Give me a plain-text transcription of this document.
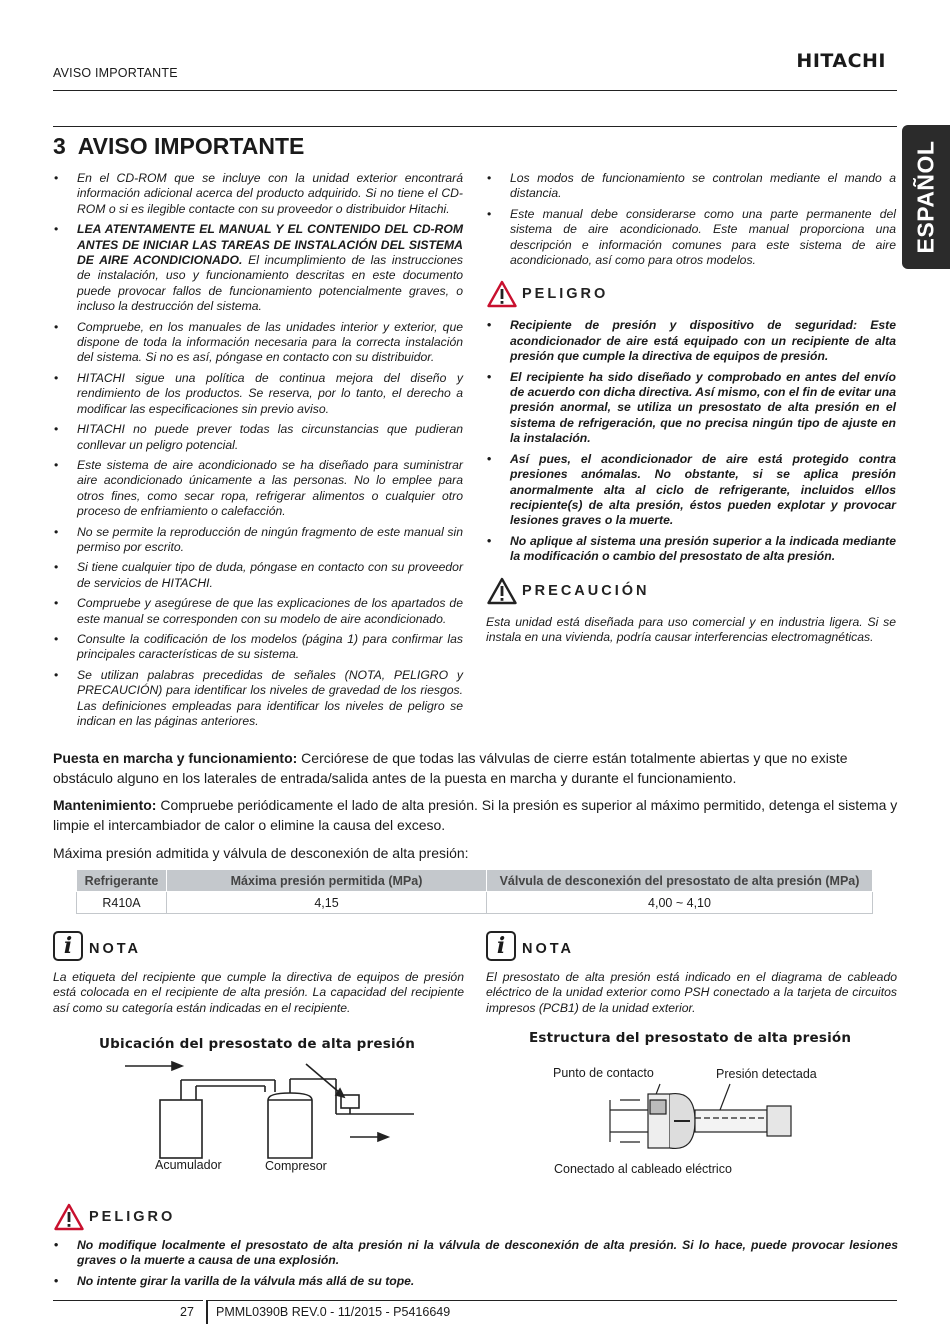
AVISO IMPORTANTE
HITACHI
ESPAÑOL
3 AVISO IMPORTANTE
• En el CD-ROM que se incluye con la unidad exterior encontrará información adicional acerca del producto adquirido. Si no tiene el CD-ROM o si es ilegible contacte con su proveedor o distribuidor Hitachi.
• LEA ATENTAMENTE EL MANUAL Y EL CONTENIDO DEL CD-ROM ANTES DE INICIAR LAS TAREAS DE INSTALACIÓN DEL SISTEMA DE AIRE ACONDICIONADO. El incumplimiento de las instrucciones de instalación, uso y funcionamiento descritas en este documento puede provocar fallos de funcionamiento potencialmente graves, o incluso la destrucción del sistema.
• Compruebe, en los manuales de las unidades interior y exterior, que dispone de toda la información necesaria para la correcta instalación del sistema. Si no es así, póngase en contacto con su distribuidor.
• HITACHI sigue una política de continua mejora del diseño y rendimiento de los productos. Se reserva, por lo tanto, el derecho a modificar las especificaciones sin previo aviso.
• HITACHI no puede prever todas las circunstancias que pudieran conllevar un peligro potencial.
• Este sistema de aire acondicionado se ha diseñado para suministrar aire acondicionado únicamente a las personas. No lo emplee para otros fines, como secar ropa, refrigerar alimentos o cualquier otro proceso de enfriamiento o calefacción.
• No se permite la reproducción de ningún fragmento de este manual sin permiso por escrito.
• Si tiene cualquier tipo de duda, póngase en contacto con su proveedor de servicios de HITACHI.
• Compruebe y asegúrese de que las explicaciones de los apartados de este manual se corresponden con su modelo de aire acondicionado.
• Consulte la codificación de los modelos (página 1) para confirmar las principales características de su sistema.
• Se utilizan palabras precedidas de señales (NOTA, PELIGRO y PRECAUCIÓN) para identificar los niveles de gravedad de los riesgos. Las definiciones empleadas para identificar los niveles de peligro se indican en las páginas anteriores.
• Los modos de funcionamiento se controlan mediante el mando a distancia.
• Este manual debe considerarse como una parte permanente del sistema de aire acondicionado. Este manual proporciona una descripción e información comunes para este sistema de aire acondicionado, así como para otros modelos.
PELIGRO
• Recipiente de presión y dispositivo de seguridad: Este acondicionador de aire está equipado con un recipiente de alta presión que cumple la directiva de equipos de presión.
• El recipiente ha sido diseñado y comprobado en antes del envío de acuerdo con dicha directiva. Así mismo, con el fin de evitar una presión anormal, se utiliza un presostato de alta presión en el sistema de refrigeración, que no precisa ningún tipo de ajuste en la instalación.
• Así pues, el acondicionador de aire está protegido contra presiones anómalas. No obstante, si se aplica presión anormalmente alta al ciclo de refrigerante, incluidos el/los recipiente(s) de alta presión, éstos pueden explotar y provocar lesiones graves o la muerte.
• No aplique al sistema una presión superior a la indicada mediante la modificación o cambio del presostato de alta presión.
PRECAUCIÓN
Esta unidad está diseñada para uso comercial y en industria ligera. Si se instala en una vivienda, podría causar interferencias electromagnéticas.
Puesta en marcha y funcionamiento: Cerciórese de que todas las válvulas de cierre están totalmente abiertas y que no existe obstáculo alguno en los laterales de entrada/salida antes de la puesta en marcha y durante el funcionamiento.
Mantenimiento: Compruebe periódicamente el lado de alta presión. Si la presión es superior al máximo permitido, detenga el sistema y limpie el intercambiador de calor o elimine la causa del exceso.
Máxima presión admitida y válvula de desconexión de alta presión:
Refrigerante	Máxima presión permitida (MPa)	Válvula de desconexión del presostato de alta presión (MPa)
R410A	4,15	4,00 ~ 4,10
i	NOTA
La etiqueta del recipiente que cumple la directiva de equipos de presión está colocada en el recipiente de alta presión. La capacidad del recipiente así como su categoría están indicadas en el recipiente.
i	NOTA
El presostato de alta presión está indicado en el diagrama de cableado eléctrico de la unidad exterior como PSH conectado a la tarjeta de circuitos impresos (PCB1) de la unidad exterior.
Ubicación del presostato de alta presión
Acumulador	Compresor
Estructura del presostato de alta presión
Punto de contacto	Presión detectada
Conectado al cableado eléctrico
PELIGRO
• No modifique localmente el presostato de alta presión ni la válvula de desconexión de alta presión. Si lo hace, puede provocar lesiones graves o la muerte a causa de una explosión.
• No intente girar la varilla de la válvula más allá de su tope.
27 PMML0390B REV.0 - 11/2015 - P5416649
